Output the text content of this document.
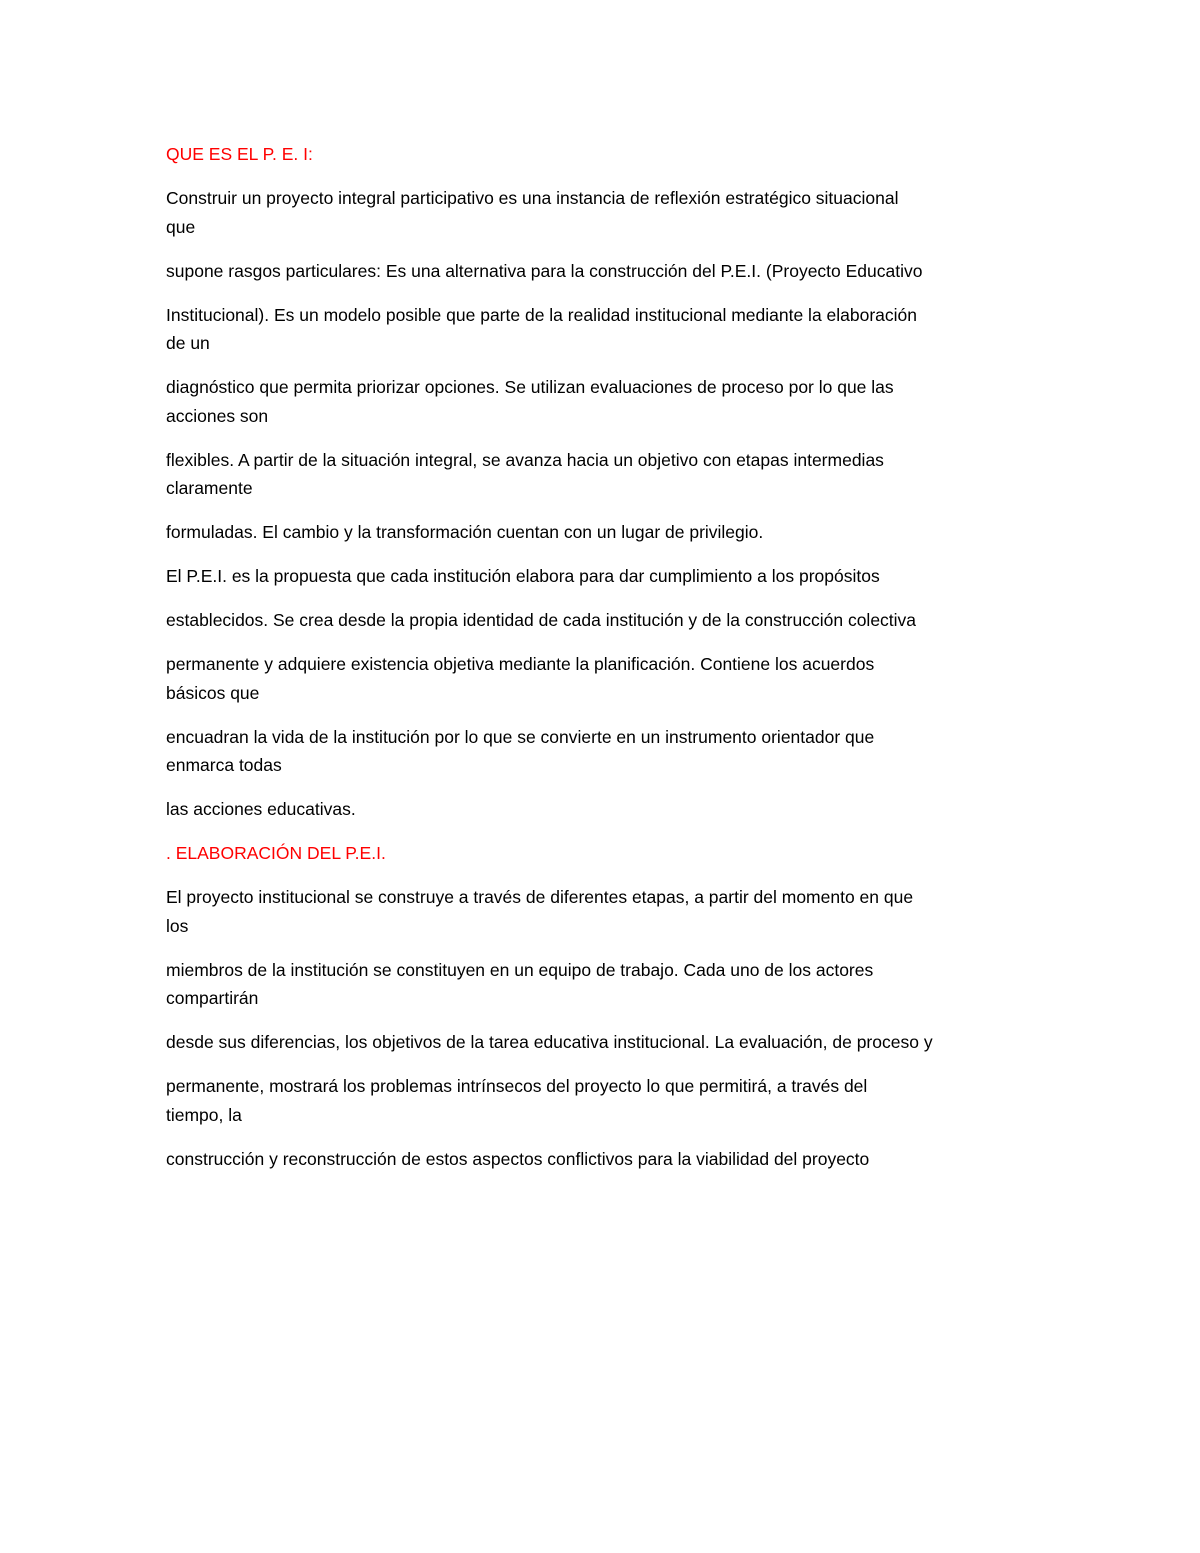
QUE ES EL P. E. I:

Construir un proyecto integral participativo es una instancia de reflexión estratégico situacional
que

supone rasgos particulares: Es una alternativa para la construcción del P.E.I. (Proyecto Educativo

Institucional). Es un modelo posible que parte de la realidad institucional mediante la elaboración
de un

diagnóstico que permita priorizar opciones. Se utilizan evaluaciones de proceso por lo que las
acciones son

flexibles. A partir de la situación integral, se avanza hacia un objetivo con etapas intermedias
claramente

formuladas. El cambio y la transformación cuentan con un lugar de privilegio.

El P.E.I. es la propuesta que cada institución elabora para dar cumplimiento a los propósitos

establecidos. Se crea desde la propia identidad de cada institución y de la construcción colectiva

permanente y adquiere existencia objetiva mediante la planificación. Contiene los acuerdos
básicos que

encuadran la vida de la institución por lo que se convierte en un instrumento orientador que
enmarca todas

las acciones educativas.

. ELABORACIÓN DEL P.E.I.

El proyecto institucional se construye a través de diferentes etapas, a partir del momento en que
los

miembros de la institución se constituyen en un equipo de trabajo. Cada uno de los actores
compartirán

desde sus diferencias, los objetivos de la tarea educativa institucional. La evaluación, de proceso y

permanente, mostrará los problemas intrínsecos del proyecto lo que permitirá, a través del
tiempo, la

construcción y reconstrucción de estos aspectos conflictivos para la viabilidad del proyecto
